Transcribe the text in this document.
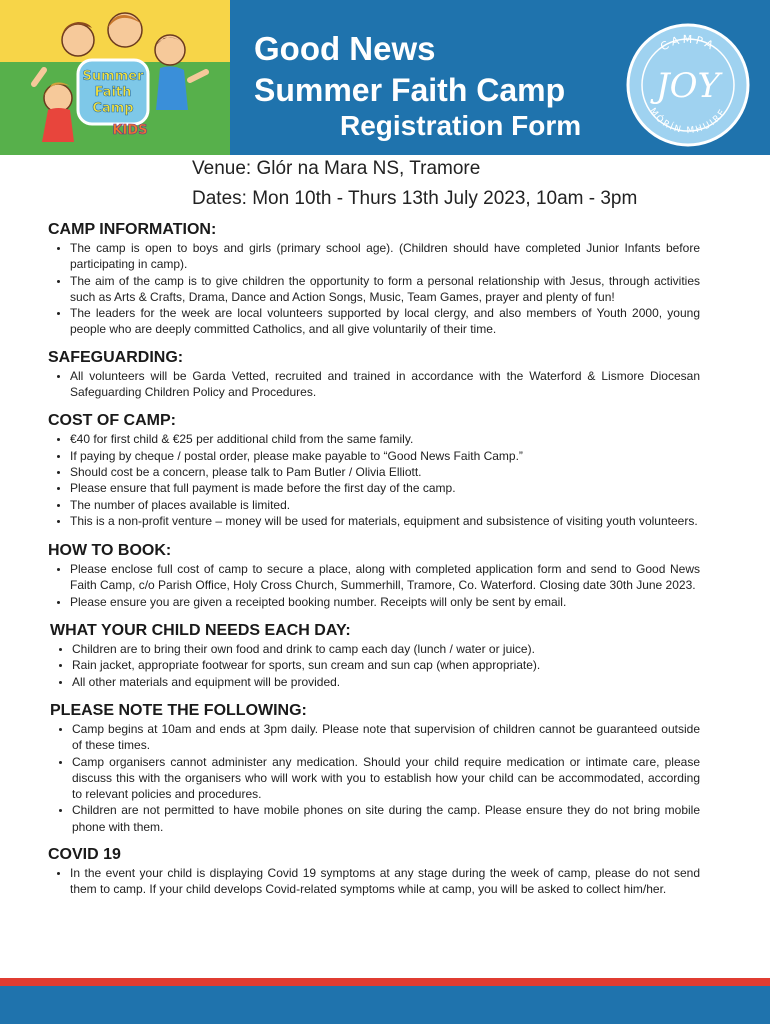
Summer
Faith
Camp
KIDS
Good News
Summer Faith Camp
Registration Form
CAMPA
MÓRÍN MHUIRE
JOY
Venue: Glór na Mara NS, Tramore
Dates: Mon 10th - Thurs 13th July 2023, 10am - 3pm
CAMP INFORMATION:
• The camp is open to boys and girls (primary school age). (Children should have completed Junior Infants before participating in camp).
• The aim of the camp is to give children the opportunity to form a personal relationship with Jesus, through activities such as Arts & Crafts, Drama, Dance and Action Songs, Music, Team Games, prayer and plenty of fun!
• The leaders for the week are local volunteers supported by local clergy, and also members of Youth 2000, young people who are deeply committed Catholics, and all give voluntarily of their time.
SAFEGUARDING:
• All volunteers will be Garda Vetted, recruited and trained in accordance with the Waterford & Lismore Diocesan Safeguarding Children Policy and Procedures.
COST OF CAMP:
• €40 for first child & €25 per additional child from the same family.
• If paying by cheque / postal order, please make payable to “Good News Faith Camp.”
• Should cost be a concern, please talk to Pam Butler / Olivia Elliott.
• Please ensure that full payment is made before the first day of the camp.
• The number of places available is limited.
• This is a non-profit venture – money will be used for materials, equipment and subsistence of visiting youth volunteers.
HOW TO BOOK:
• Please enclose full cost of camp to secure a place, along with completed application form and send to Good News Faith Camp, c/o Parish Office, Holy Cross Church, Summerhill, Tramore, Co. Waterford. Closing date 30th June 2023.
• Please ensure you are given a receipted booking number. Receipts will only be sent by email.
WHAT YOUR CHILD NEEDS EACH DAY:
• Children are to bring their own food and drink to camp each day (lunch / water or juice).
• Rain jacket, appropriate footwear for sports, sun cream and sun cap (when appropriate).
• All other materials and equipment will be provided.
PLEASE NOTE THE FOLLOWING:
• Camp begins at 10am and ends at 3pm daily. Please note that supervision of children cannot be guaranteed outside of these times.
• Camp organisers cannot administer any medication. Should your child require medication or intimate care, please discuss this with the organisers who will work with you to establish how your child can be accommodated, according to relevant policies and procedures.
• Children are not permitted to have mobile phones on site during the camp. Please ensure they do not bring mobile phone with them.
COVID 19
• In the event your child is displaying Covid 19 symptoms at any stage during the week of camp, please do not send them to camp. If your child develops Covid-related symptoms while at camp, you will be asked to collect him/her.
